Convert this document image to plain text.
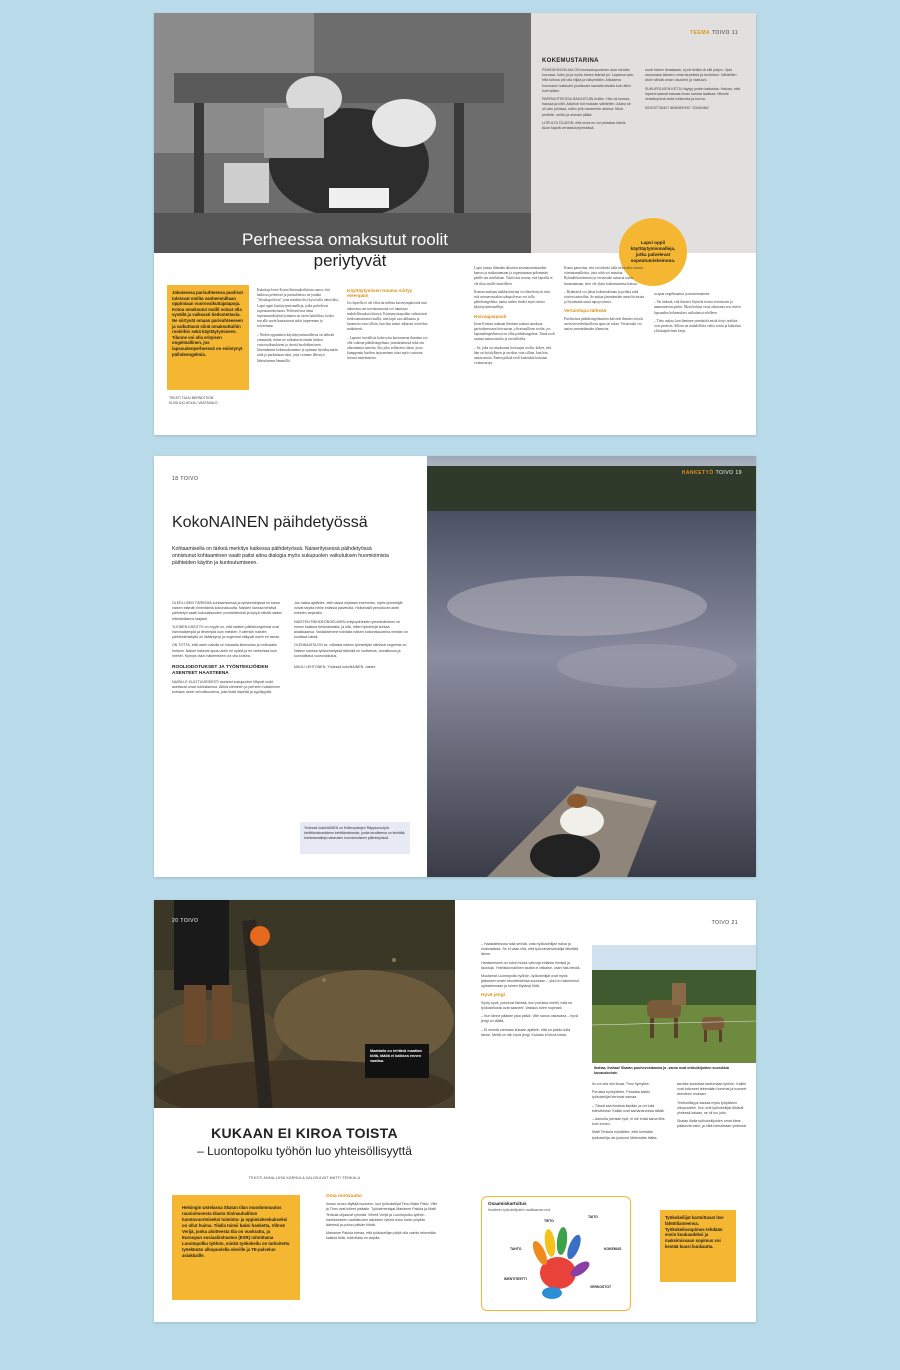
Perheessa omaksutut roolit
periytyvät
TEEMA TOIVO 11
KOKEMUSTARINA

PÄIHDEONGELMA ON monisukupolvinen asia meidän suvussa. Isäni joi ja myös hänen isänsä joi. Lapsena opin, että kotona piti olla hiljaa ja näkymätön. Aikuisena huomasin hoitavani puolisoani samalla tavalla kuin äitini hoiti isääni.

PARISUHTEESSA RAKASTUIN Anttiin. Hän oli komea, hauska ja kiltti. Alkoholi tuli mukaan vähitellen. Aluksi se oli vain juhlissa, sitten yhä useammin arkena. Minä peittelin, selitin ja siivosin jälkiä.

LOPULTA TAJUSIN, että minä en voi pelastaa häntä. Aloin käydä vertaistukiryhmässä.

noutt hänen ilmaistaan, hyvä hetkiä oli silti paljon. Opin sanomaan ääneen omia tarpeitani ja tunteitani. Vähitellen aloin nähdä oman osuuteni ja vastuuni.

SUKUPOLVIEN KETJU täytyy jonkin katkaista. Haluan, että lapseni saavat kasvaa ilman samaa taakkaa. Minulle vertaisryhmä antoi rohkeutta ja toivoa.

KIRJOITTANUT NIMIMERKKI "JOHANNA"

Lapsi oppii käyttäytymismalleja, jotka palvelevat sopeutumiskeinona.
Jokaisessa parisuhteessa puolisot tuletavat omilta vanhemmiltaan oppimiaan vuorovaikuttajatapoja. Kotoa omaksutut mallit voivat olla syvällä ja vaikeasti tiedostettavia. Ne siirtyvät omaan parisuhteeseen ja vaikuttavat siinä omaksuttuihin rooleihin sekä käyttäytymiseen. Tilanne voi olla erityisen ongelmallinen, jos lapsuudenperheessä on esiintynyt päihdeongelmia.
TEKSTI TAIJU BERNDTSON
KUVA ILKI HOLM / VASTAVALO

Kuluttaja Irene Komu Sininauhaliitosta sanoo, että kaikissa perheissä ja parisuhteissa on jotakin "ylisukupolvista" joita meidän olisi hyvä tulla tietoisiksi. Lapsi oppii käyttäytymismalleja, jotka palvelevat sopeutumiskeinona. Perhesiteissa tämä sopeutumiskäyttäytyminen on usein haitallista, koska sen alle usein hautautuvat aidot tarpeemme ja toiveemme.

– Niiden oppiminen käyttäytymismalleista on tärkeää ymmärtää, miten ne vaikuttavat tämän hetken vuorovaikutukseen ja itsestä huolehtimiseen. Jäsennämme kokemuksiamme ja opimme hyväksymään niitä ja purkamaan niitä, jotta voimme lähestyä läheisiämme lämmöllä.

Käyttäytymisen trauma siirtyy eteenpäin

Jos lapsella ei ole ollut turvallista kasvuympäristöä niin aikuisena sen turvattomuutta voi tunnistaa mahdollisuuksia kiintyä. Kiintymystapoihin vaikuttavat tiedostamattomat mallit, niin lapsi saa rakkautta ja huomiota vain silloin, kun hän toimii aikuisen toiveiden mukaisesti.

– Lapseni turvallisia kokevysta kasvaneena ihminen voi olla vaikeaa päihdeongelmaa, ymmärtämistä sekä sen aiheuttamia tunteita. Siis joko sellaiseen tilaan, jossa kumppanin huolten tarjoaminen ottaa myös vastuuta itsensä tuntemisesta.

Lapsi joutuu elämään aikuisen arvaamattomuuden kanssa ja mukautumaan ja sopeutumaan pidemmän päälle sen mielialaan. Tästä taas seuraa, että lapsella ei ole tilaa omille tunteilleen.

Komun mukaan taakkasiirtymä voi ilmetä myös niin, että seuraavassakin sukupolvessa voi tulla päihdeongelmia, mutta niiden lisäksi myös muita käyttäytymismalleja.

Hoivaajaspuoli

Irene Komun mukaan ihminen saattaa omaksua parisuhteessaan hoivaavan, ylivastuullisen roolin, jos lapsuudenperheessä on ollut päihdeongelma. Tämä rooli saattaa tuntua tutulta ja turvalliselta.

– Se, joka on omaksunut hoivaajan roolin, kokee, että hän on hyödyllinen ja arvokas vain silloin, kun hän auttaa muita. Ennen pitkää rooli kuitenkin kuluttaa voimavaroja.

Komu painottaa, että on tärkeää tulla tietoiseksi omista toimintamalleista, jotta niitä voi muuttaa. Ryhmäliiketoiminta ja vertaistuki auttavat usein huomaamaan, ettei ole yksin kokemustensa kanssa.

– Ryhmässä voi jakaa kokemuksiaan ja peilata niitä toisten tarinoihin. Se auttaa jäsentämään omaa historiaa ja löytämään uusia tapoja toimia.

Vertaistupa tärkeää

Puolisoissa päihdeongelmaisen kärsivät ihmiset etsivät usein tervedenhuollosta apua tai tukea. Vertaistuki voi auttaa ymmärtämään tilannetta.

ta apua ongelmaansa ja mustemuuteen.

– On tärkeää, että ihmiset löytävät tiensä vertaistuen ja ammattiavun pariin. Moni kohtaa vasta aikuisena sen, miten lapsuuden kokemukset vaikuttavat edelleen.

– Tieto auttaa, kun ihminen ymmärtää mistä tietyt reaktiot ovat peräisin. Silloin on mahdollista valita toisin ja katkaista ylisukupolvinen ketju.

18 TOIVO
KokoNAINEN päihdetyössä
Kohtaamisella on tärkeä merkitys kaikessa päihdetyössä. Naiserityisessä päihdetyössä onnistunut kohtaaminen vaatii paitsi aitoa dialogia myös sukupuolen vaikutuksen huomioimista päihteiden käytön ja kuntoutumiseen.

OLEELLISEN TÄRKEÄÄ kohtaamisessa ja työskentelyssä on tukea naisen elämän ilmentämiä kokonaisuutta. Naisten kanssa tehtävä päihdetyö vaatii kokonaisuuden ymmärtämistä ja kykyä nähdä naisen elämäntilanne laajasti.

YLEINEN KÄSITYS on myytti on, että naisten päihdeongelmat ovat harvinaisempia ja lievempiä kuin miesten. Kuitenkin naisten päihteidenkäyttö on lisääntynyt ja ongelmat näkyvät usein eri tavoin.

ON TOTTA, että usein naisilla on toisaalta kiinnostus ja motivaatio hoitoon. Naiset hakevat apua usein eri syistä ja eri vaiheessa kuin miehet. Kynnys avun hakemiseen voi olla korkea.

ROOLIODOTUKSET JA TYÖNTEKIJÖIDEN ASENTEET HAASTEENA

NAISILLE KULTTUURISESTI asetetut sukupuolen liittyvät roolit asettavat omat odotuksensa. Äitinä oleminen ja perheen hoitaminen koetaan usein velvollisuutena, joka lisää häpeää ja syyllisyyttä.

Jos naisia ajattelee, että naisia ohjataan enemmän, myös työntekijät voivat tarjota heille erilaisia palveluita. Hoitomallit perustuvat usein miesten tarpeisiin.

NAISTEN PÄIHDEONGELMIEN erityispiirteiden ymmärtäminen on ennen kaikkea tiedostamista, ja sitä, miten työntekijä kohtaa asiakkaansa. Voidaksemme kohdata naisen kokonaisuutena meidän on kuultava häntä.

OLENNAISTA ON se, millaisia naisen työntekijän silmissä ongelmia on. Naisen kanssa työskentelyssä tärkeää on luottamus, turvallisuus ja kunnioittava vuorovaikutus.

MAIJU LEHTONEN, Yhdessä kokoNAINEN -hanke

Yhdessä kokoNAINEN on Kriikeopistojen Räppiuuvutyön kehittämishankkeen kehittämishanke, jonka tavoitteena on kehittää toimintamalleja naiseuden huomioimiseen päihdetyössä.
HANKETYÖ TOIVO 19
20 TOIVO
Maattaila on tehtävä maattan töitä, täällä ei kaikkea ennen vaattsa.
KUKAAN EI KIROA TOISTA
– Luontopolku työhön luo yhteisöllisyyttä
TEKSTI ANNA-LIISA KARHULA VALOKUVAT MATTI TENKULA
Helsingin Ustelassa Skatan tilan muodonmuutos raunioitunesta tilasta Sininauhaliiton luontovuorteiseksi toiminta- ja oppimiskeskukseksi on ollut huima. Tilalla toimii kaksi hanketta, Vihreä Verijä, jonka aloitteesta tila on vuokrattu, ja Euroopan sosiaalirahaston (ESR) rahoittama Luontopolku työhön, minkä työkokeilu on tarkoitettu työelämän ulkopuolella oleville ja TE-palvelun asiakkaille.

Oma motivaatio

Ilonan nousu täyttää huoneen, kun työkokeilijat Timo Make Risto, Ville ja Timo ovat tulleet paikalle. Työvalmentajat Marianne Pakola ja Matti Tenkula ohjaavat ryhmää. Vihreä Verijä ja Luontopolku työhön -hankkeeseen osallistuvien aikuisten ryhmä istuu tuvan pöydän ääressä ja puhuu päivän töistä.

Marianne Pakola toteaa, että työkokeilijan pitää olla valmis tekemään kaikkia töitä, mitä tilalla on tarjolla.

TOIVO 21

– Haastattelussa tulla selvää, onko työkokeilijan halua ja motivaatiota. Se ei vaan riitä, että työvoimanvirkailija lähettää tänne.

Hankkeeseen on tullut monia vahvoja erilaisia ihmisiä ja taustoja. Yhteiskunnallinen tausta ei ratkaise, vaan halu tehdä.

Muutamat Luontopolku työhön -työkokeilijat ovat myös jatkaneet omien tavoitteidensa suuntaan – yksi on hakeutunut opiskelemaan ja toinen löytänyt töitä.

Hyvä jengi

Synty syvä, ponnivat tiiviissä, kun porukka miettii, mitä ne työkokeilusta ovat saaneet. Vastaus tulee nopeasti.

– Kun tänne pääsee joka päivä. Ville sanoo vakavana – hyvä jengi on täällä.

– Ei meistä varmaan kukaan ajattele, että on pakko tulla tänne. Meitä on niin hyvä jengi. Kukaan ei kiroa toista.

Ihahaa, Ihahaa! Skatan puuhevostamma ja -varsa ovat ohikulkijoiden suosikkia kuvauskohde.

Ilo voi olla niin kivaa. Timo hymyilee.

Porukka nyökyttelee. Paraatia kaikki työkokeilijat kertovat samaa.

– Tässä saa ilmaista itseään ja voi tulla toteutetuksi. Kaikki ovat samanarvoisia täällä.

– Aamulla joensan työt, ei ole enää sama fiilis kuin ennen.

Matti Tenkula myötäilee, ettei kenkään työkokeilija ole joutunut lähtemään tilalta.

tarvitse suututtaa tarttumaan työhön. Kaikki ovat tottuneet tekemään hommat ja tuoneet asenteen mukaan.

Yhteisöllisyys kantaa myös työpäivien ulkopuolelle. Kun eriä työkokeilijat lähtivät yhdessä kalaan, se oli iso juttu.

Skatan tilalla työkokeilijoiden omat ideat pääsevät esiin, ja niitä toteutetaan yhdessä.

Osaamiskartoitus
Hankkeen työkokeilijoiden osallistaman mini
TIETO
TAITO
TAHTO	KOKEMUS
IDENTITEETTI
VERKOSTOT
Työkokeilijat kartoittavat itse lähtötilanteensa. Työkokeilusopimus tehdään ensin kuukaudeksi ja maksimissaan sopimus voi kestää kuusi kuukautta.
